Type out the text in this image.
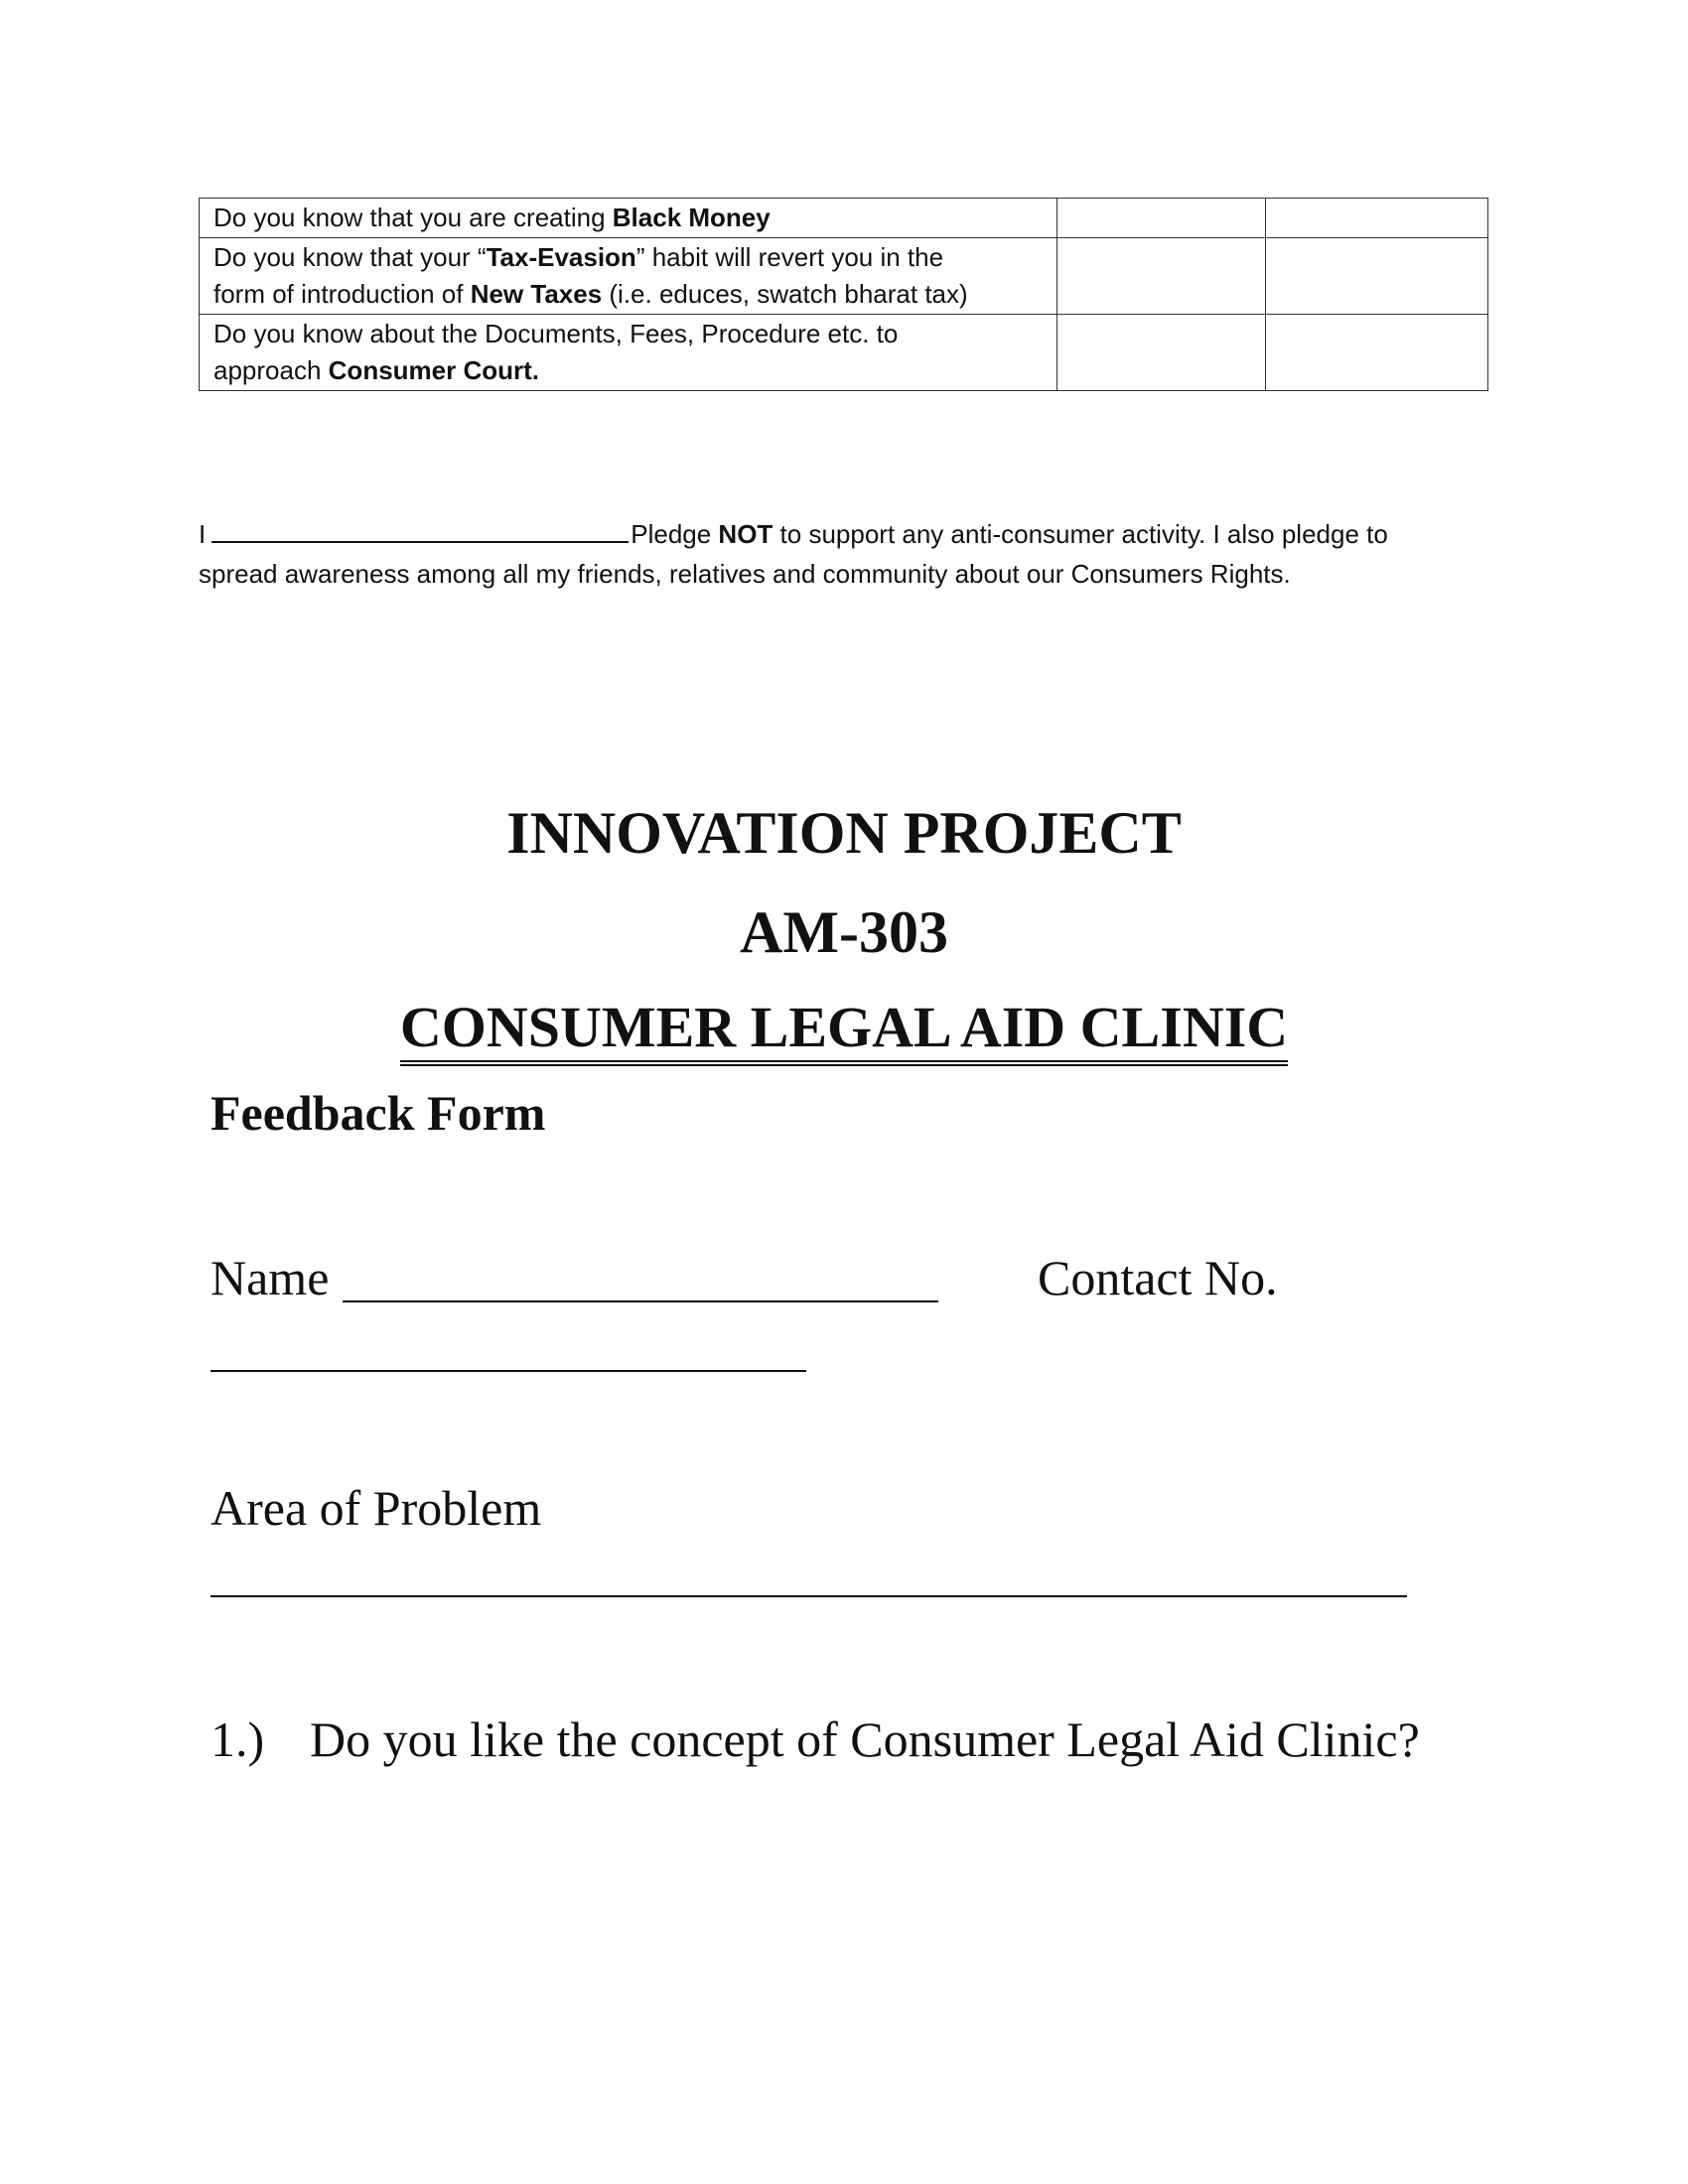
Do you know that you are creating Black Money		

Do you know that your “Tax-Evasion” habit will revert you in the
form of introduction of New Taxes (i.e. educes, swatch bharat tax)		

Do you know about the Documents, Fees, Procedure etc. to
approach Consumer Court.		

I	Pledge NOT to support any anti-consumer activity. I also pledge to
spread awareness among all my friends, relatives and community about our Consumers Rights.
INNOVATION PROJECT
AM-303
CONSUMER LEGAL AID CLINIC
Feedback Form
Name	Contact No.
Area of Problem
1.) Do you like the concept of Consumer Legal Aid Clinic?
